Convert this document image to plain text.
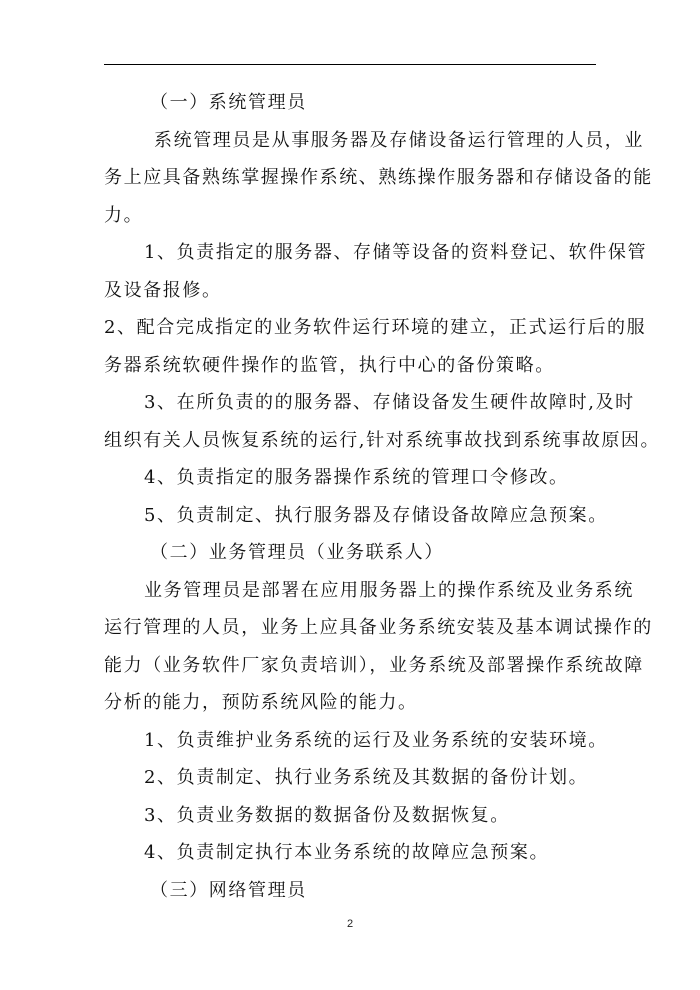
（一）系统管理员
系统管理员是从事服务器及存储设备运行管理的人员，业
务上应具备熟练掌握操作系统、熟练操作服务器和存储设备的能
力。
1、负责指定的服务器、存储等设备的资料登记、软件保管
及设备报修。
2、配合完成指定的业务软件运行环境的建立，正式运行后的服
务器系统软硬件操作的监管，执行中心的备份策略。
3、在所负责的的服务器、存储设备发生硬件故障时,及时
组织有关人员恢复系统的运行,针对系统事故找到系统事故原因。
4、负责指定的服务器操作系统的管理口令修改。
5、负责制定、执行服务器及存储设备故障应急预案。
（二）业务管理员（业务联系人）
业务管理员是部署在应用服务器上的操作系统及业务系统
运行管理的人员，业务上应具备业务系统安装及基本调试操作的
能力（业务软件厂家负责培训），业务系统及部署操作系统故障
分析的能力，预防系统风险的能力。
1、负责维护业务系统的运行及业务系统的安装环境。
2、负责制定、执行业务系统及其数据的备份计划。
3、负责业务数据的数据备份及数据恢复。
4、负责制定执行本业务系统的故障应急预案。
（三）网络管理员
2
